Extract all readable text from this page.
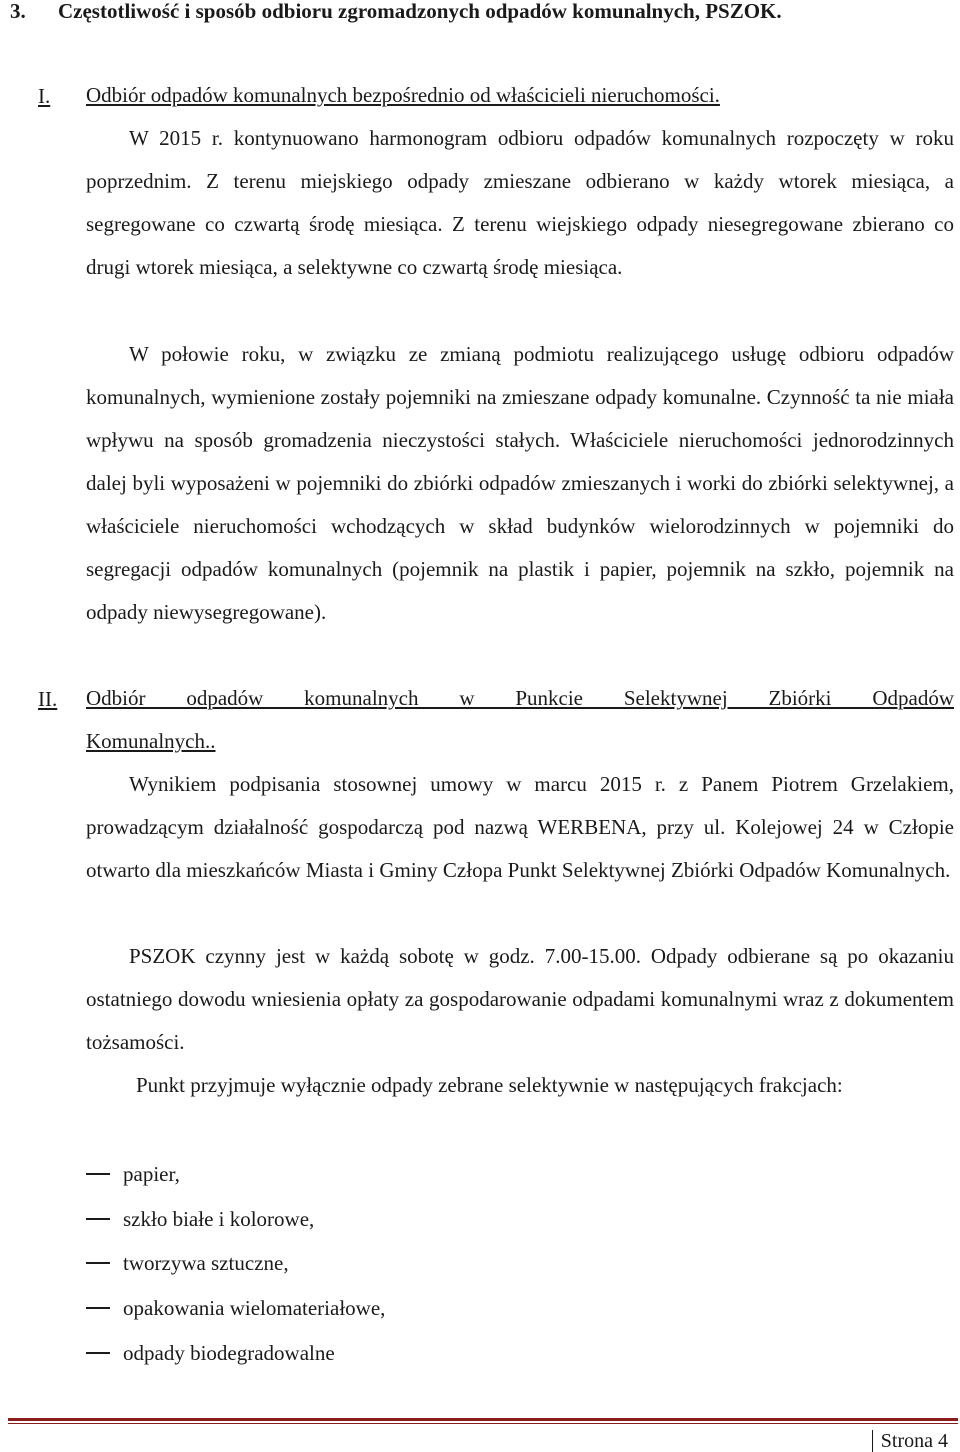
3. Częstotliwość i sposób odbioru zgromadzonych odpadów komunalnych, PSZOK.
I. Odbiór odpadów komunalnych bezpośrednio od właścicieli nieruchomości.
W 2015 r. kontynuowano harmonogram odbioru odpadów komunalnych rozpoczęty w roku poprzednim. Z terenu miejskiego odpady zmieszane odbierano w każdy wtorek miesiąca, a segregowane co czwartą środę miesiąca. Z terenu wiejskiego odpady niesegregowane zbierano co drugi wtorek miesiąca, a selektywne co czwartą środę miesiąca.
W połowie roku, w związku ze zmianą podmiotu realizującego usługę odbioru odpadów komunalnych, wymienione zostały pojemniki na zmieszane odpady komunalne. Czynność ta nie miała wpływu na sposób gromadzenia nieczystości stałych. Właściciele nieruchomości jednorodzinnych dalej byli wyposażeni w pojemniki do zbiórki odpadów zmieszanych i worki do zbiórki selektywnej, a właściciele nieruchomości wchodzących w skład budynków wielorodzinnych w pojemniki do segregacji odpadów komunalnych (pojemnik na plastik i papier, pojemnik na szkło, pojemnik na odpady niewysegregowane).
II. Odbiór odpadów komunalnych w Punkcie Selektywnej Zbiórki Odpadów
Komunalnych..
Wynikiem podpisania stosownej umowy w marcu 2015 r. z Panem Piotrem Grzelakiem, prowadzącym działalność gospodarczą pod nazwą WERBENA, przy ul. Kolejowej 24 w Człopie otwarto dla mieszkańców Miasta i Gminy Człopa Punkt Selektywnej Zbiórki Odpadów Komunalnych.
PSZOK czynny jest w każdą sobotę w godz. 7.00-15.00. Odpady odbierane są po okazaniu ostatniego dowodu wniesienia opłaty za gospodarowanie odpadami komunalnymi wraz z dokumentem tożsamości.
Punkt przyjmuje wyłącznie odpady zebrane selektywnie w następujących frakcjach:
papier,
szkło białe i kolorowe,
tworzywa sztuczne,
opakowania wielomateriałowe,
odpady biodegradowalne
Strona 4
